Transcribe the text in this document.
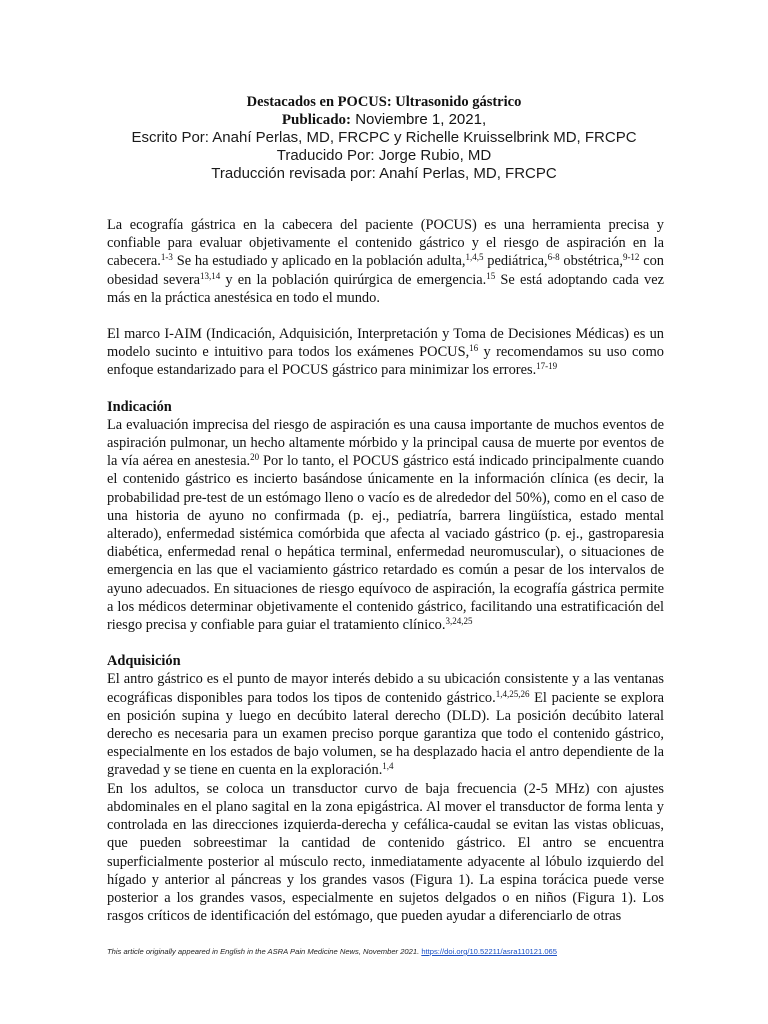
Destacados en POCUS: Ultrasonido gástrico
Publicado: Noviembre 1, 2021,
Escrito Por: Anahí Perlas, MD, FRCPC y Richelle Kruisselbrink MD, FRCPC
Traducido Por: Jorge Rubio, MD
Traducción revisada por: Anahí Perlas, MD, FRCPC

La ecografía gástrica en la cabecera del paciente (POCUS) es una herramienta precisa y confiable para evaluar objetivamente el contenido gástrico y el riesgo de aspiración en la cabecera.$^{1-3}$ Se ha estudiado y aplicado en la población adulta,$^{1,4,5}$ pediátrica,$^{6-8}$ obstétrica,$^{9-12}$ con obesidad severa$^{13,14}$ y en la población quirúrgica de emergencia.$^{15}$ Se está adoptando cada vez más en la práctica anestésica en todo el mundo.

El marco I-AIM (Indicación, Adquisición, Interpretación y Toma de Decisiones Médicas) es un modelo sucinto e intuitivo para todos los exámenes POCUS,$^{16}$ y recomendamos su uso como enfoque estandarizado para el POCUS gástrico para minimizar los errores.$^{17-19}$

Indicación

La evaluación imprecisa del riesgo de aspiración es una causa importante de muchos eventos de aspiración pulmonar, un hecho altamente mórbido y la principal causa de muerte por eventos de la vía aérea en anestesia.$^{20}$ Por lo tanto, el POCUS gástrico está indicado principalmente cuando el contenido gástrico es incierto basándose únicamente en la información clínica (es decir, la probabilidad pre-test de un estómago lleno o vacío es de alrededor del 50%), como en el caso de una historia de ayuno no confirmada (p. ej., pediatría, barrera lingüística, estado mental alterado), enfermedad sistémica comórbida que afecta al vaciado gástrico (p. ej., gastroparesia diabética, enfermedad renal o hepática terminal, enfermedad neuromuscular), o situaciones de emergencia en las que el vaciamiento gástrico retardado es común a pesar de los intervalos de ayuno adecuados. En situaciones de riesgo equívoco de aspiración, la ecografía gástrica permite a los médicos determinar objetivamente el contenido gástrico, facilitando una estratificación del riesgo precisa y confiable para guiar el tratamiento clínico.$^{3,24,25}$

Adquisición

El antro gástrico es el punto de mayor interés debido a su ubicación consistente y a las ventanas ecográficas disponibles para todos los tipos de contenido gástrico.$^{1,4,25,26}$ El paciente se explora en posición supina y luego en decúbito lateral derecho (DLD). La posición decúbito lateral derecho es necesaria para un examen preciso porque garantiza que todo el contenido gástrico, especialmente en los estados de bajo volumen, se ha desplazado hacia el antro dependiente de la gravedad y se tiene en cuenta en la exploración.$^{1,4}$

En los adultos, se coloca un transductor curvo de baja frecuencia (2-5 MHz) con ajustes abdominales en el plano sagital en la zona epigástrica. Al mover el transductor de forma lenta y controlada en las direcciones izquierda-derecha y cefálica-caudal se evitan las vistas oblicuas, que pueden sobreestimar la cantidad de contenido gástrico. El antro se encuentra superficialmente posterior al músculo recto, inmediatamente adyacente al lóbulo izquierdo del hígado y anterior al páncreas y los grandes vasos (Figura 1). La espina torácica puede verse posterior a los grandes vasos, especialmente en sujetos delgados o en niños (Figura 1). Los rasgos críticos de identificación del estómago, que pueden ayudar a diferenciarlo de otras

This article originally appeared in English in the ASRA Pain Medicine News, November 2021. https://doi.org/10.52211/asra110121.065
